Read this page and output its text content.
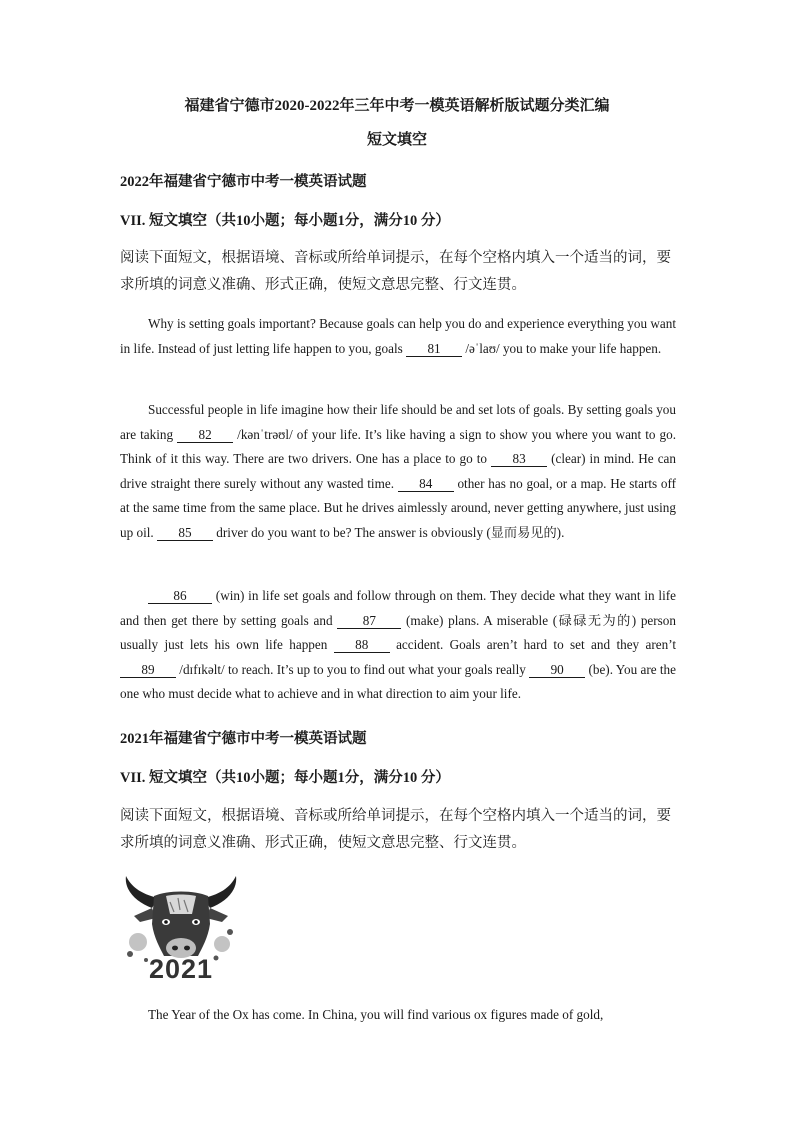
福建省宁德市2020-2022年三年中考一模英语解析版试题分类汇编
短文填空
2022年福建省宁德市中考一模英语试题
VII. 短文填空（共10小题；每小题1分，满分10 分）

阅读下面短文，根据语境、音标或所给单词提示，在每个空格内填入一个适当的词，要求所填的词意义准确、形式正确，使短文意思完整、行文连贯。

Why is setting goals important? Because goals can help you do and experience everything you want in life. Instead of just letting life happen to you, goals 81 /əˈlaʊ/ you to make your life happen.

Successful people in life imagine how their life should be and set lots of goals. By setting goals you are taking 82 /kənˈtrəʊl/ of your life. It’s like having a sign to show you where you want to go. Think of it this way. There are two drivers. One has a place to go to 83 (clear) in mind. He can drive straight there surely without any wasted time. 84 other has no goal, or a map. He starts off at the same time from the same place. But he drives aimlessly around, never getting anywhere, just using up oil. 85 driver do you want to be? The answer is obviously (显而易见的).

86 (win) in life set goals and follow through on them. They decide what they want in life and then get there by setting goals and 87 (make) plans. A miserable (碌碌无为的) person usually just lets his own life happen 88 accident. Goals aren’t hard to set and they aren’t 89 /dɪfɪkəlt/ to reach. It’s up to you to find out what your goals really 90 (be). You are the one who must decide what to achieve and in what direction to aim your life.

2021年福建省宁德市中考一模英语试题
VII. 短文填空（共10小题；每小题1分，满分10 分）

阅读下面短文，根据语境、音标或所给单词提示，在每个空格内填入一个适当的词，要求所填的词意义准确、形式正确，使短文意思完整、行文连贯。

2021

The Year of the Ox has come. In China, you will find various ox figures made of gold,
